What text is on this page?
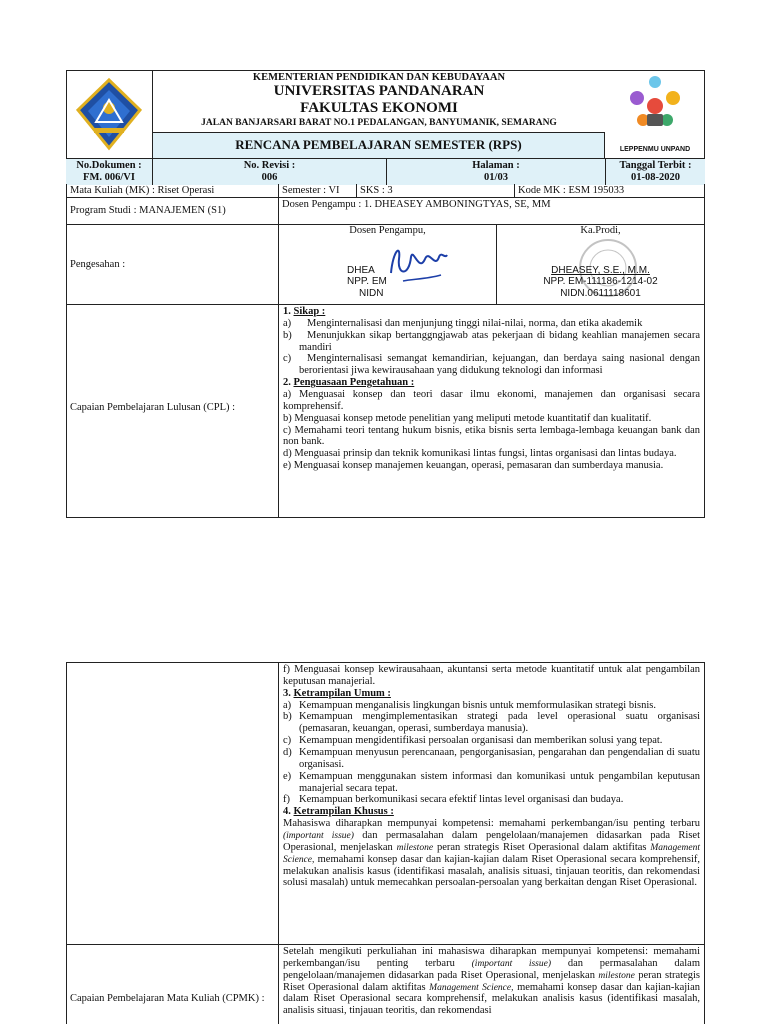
KEMENTERIAN PENDIDIKAN DAN KEBUDAYAAN
UNIVERSITAS PANDANARAN
FAKULTAS EKONOMI
JALAN BANJARSARI BARAT NO.1 PEDALANGAN, BANYUMANIK, SEMARANG
RENCANA PEMBELAJARAN SEMESTER (RPS)	LEPPENMU UNPAND
No.Dokumen :
FM. 006/VI
No. Revisi :
006
Halaman :
01/03
Tanggal Terbit :
01-08-2020
Mata Kuliah (MK) : Riset Operasi	Semester : VI	SKS : 3	Kode MK : ESM 195033
Program Studi : MANAJEMEN (S1)
Dosen Pengampu : 1. DHEASEY AMBONINGTYAS, SE, MM
Pengesahan :
Dosen Pengampu,
DHEA
NPP. EM
NIDN
Ka.Prodi,
DHEASEY, S.E., M.M.
NPP. EM-111186-1214-02
NIDN.0611118601
Capaian Pembelajaran Lulusan (CPL) :
1. Sikap :
a)	Menginternalisasi dan menjunjung tinggi nilai-nilai, norma, dan etika akademik
b)	Menunjukkan sikap bertanggngjawab atas pekerjaan di bidang keahlian manajemen secara mandiri
c)	Menginternalisasi semangat kemandirian, kejuangan, dan berdaya saing nasional dengan berorientasi jiwa kewirausahaan yang didukung teknologi dan informasi
2. Penguasaan Pengetahuan :
a) Menguasai konsep dan teori dasar ilmu ekonomi, manajemen dan organisasi secara komprehensif.
b) Menguasai konsep metode penelitian yang meliputi metode kuantitatif dan kualitatif.
c) Memahami teori tentang hukum bisnis, etika bisnis serta lembaga-lembaga keuangan bank dan non bank.
d) Menguasai prinsip dan teknik komunikasi lintas fungsi, lintas organisasi dan lintas budaya.
e) Menguasai konsep manajemen keuangan, operasi, pemasaran dan sumberdaya manusia.
f) Menguasai konsep kewirausahaan, akuntansi serta metode kuantitatif untuk alat pengambilan keputusan manajerial.
3. Ketrampilan Umum :
a) Kemampuan menganalisis lingkungan bisnis untuk memformulasikan strategi bisnis.
b) Kemampuan mengimplementasikan strategi pada level operasional suatu organisasi (pemasaran, keuangan, operasi, sumberdaya manusia).
c) Kemampuan mengidentifikasi persoalan organisasi dan memberikan solusi yang tepat.
d) Kemampuan menyusun perencanaan, pengorganisasian, pengarahan dan pengendalian di suatu organisasi.
e) Kemampuan menggunakan sistem informasi dan komunikasi untuk pengambilan keputusan manajerial secara tepat.
f) Kemampuan berkomunikasi secara efektif lintas level organisasi dan budaya.
4. Ketrampilan Khusus :
Mahasiswa diharapkan mempunyai kompetensi: memahami perkembangan/isu penting terbaru (important issue) dan permasalahan dalam pengelolaan/manajemen didasarkan pada Riset Operasional, menjelaskan milestone peran strategis Riset Operasional dalam aktifitas Management Science, memahami konsep dasar dan kajian-kajian dalam Riset Operasional secara komprehensif, melakukan analisis kasus (identifikasi masalah, analisis situasi, tinjauan teoritis, dan rekomendasi solusi masalah) untuk memecahkan persoalan-persoalan yang berkaitan dengan Riset Operasional.
Capaian Pembelajaran Mata Kuliah (CPMK) :
Setelah mengikuti perkuliahan ini mahasiswa diharapkan mempunyai kompetensi: memahami perkembangan/isu penting terbaru (important issue) dan permasalahan dalam pengelolaan/manajemen didasarkan pada Riset Operasional, menjelaskan milestone peran strategis Riset Operasional dalam aktifitas Management Science, memahami konsep dasar dan kajian-kajian dalam Riset Operasional secara komprehensif, melakukan analisis kasus (identifikasi masalah, analisis situasi, tinjauan teoritis, dan rekomendasi
